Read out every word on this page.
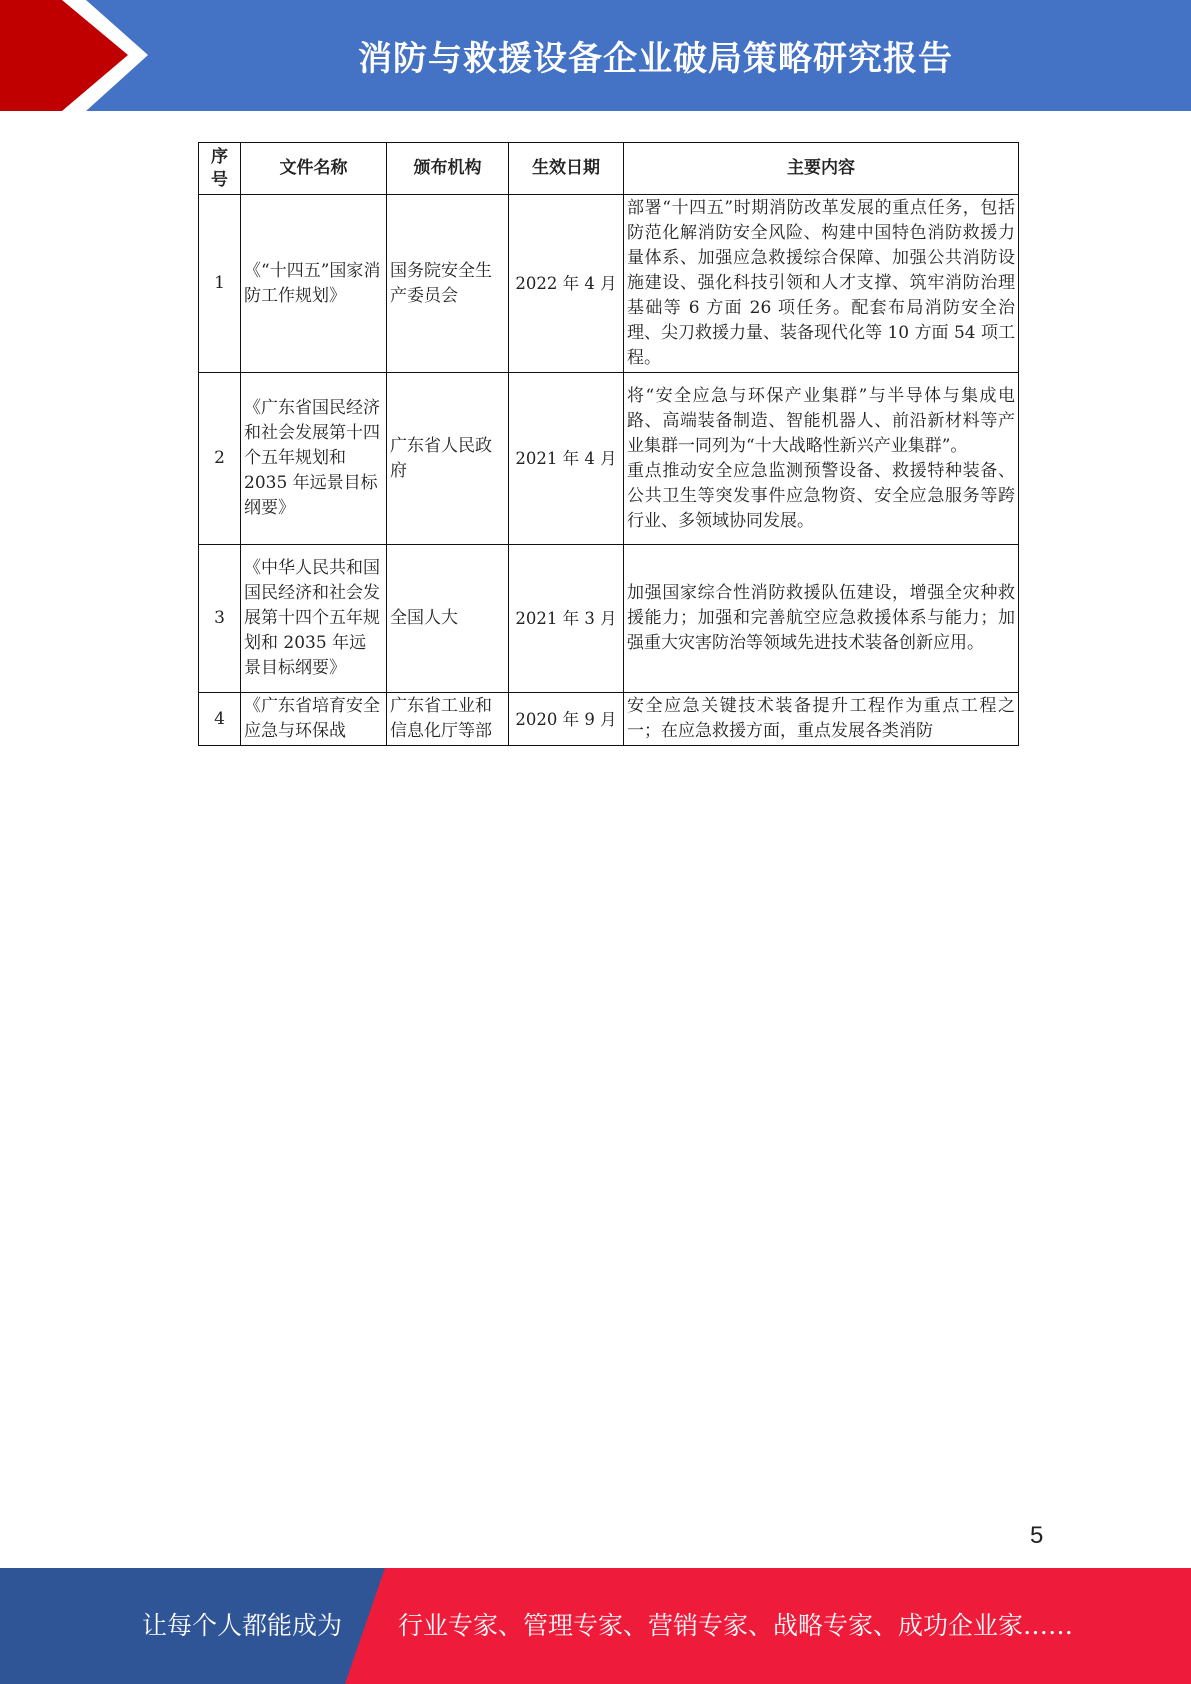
消防与救援设备企业破局策略研究报告
序号	文件名称	颁布机构	生效日期	主要内容
1	《“十四五”国家消防工作规划》	国务院安全生产委员会	2022 年 4 月	部署“十四五”时期消防改革发展的重点任务，包括防范化解消防安全风险、构建中国特色消防救援力量体系、加强应急救援综合保障、加强公共消防设施建设、强化科技引领和人才支撑、筑牢消防治理基础等 6 方面 26 项任务。配套布局消防安全治理、尖刀救援力量、装备现代化等 10 方面 54 项工程。

2	《广东省国民经济和社会发展第十四个五年规划和 2035 年远景目标纲要》	广东省人民政府	2021 年 4 月	将“安全应急与环保产业集群”与半导体与集成电路、高端装备制造、智能机器人、前沿新材料等产业集群一同列为“十大战略性新兴产业集群”。
重点推动安全应急监测预警设备、救援特种装备、公共卫生等突发事件应急物资、安全应急服务等跨行业、多领域协同发展。

3	《中华人民共和国国民经济和社会发展第十四个五年规划和 2035 年远景目标纲要》	全国人大	2021 年 3 月	加强国家综合性消防救援队伍建设，增强全灾种救援能力；加强和完善航空应急救援体系与能力；加强重大灾害防治等领域先进技术装备创新应用。

4	《广东省培育安全应急与环保战	广东省工业和信息化厅等部	2020 年 9 月	安全应急关键技术装备提升工程作为重点工程之一；在应急救援方面，重点发展各类消防
5
让每个人都能成为 行业专家、管理专家、营销专家、战略专家、成功企业家……
